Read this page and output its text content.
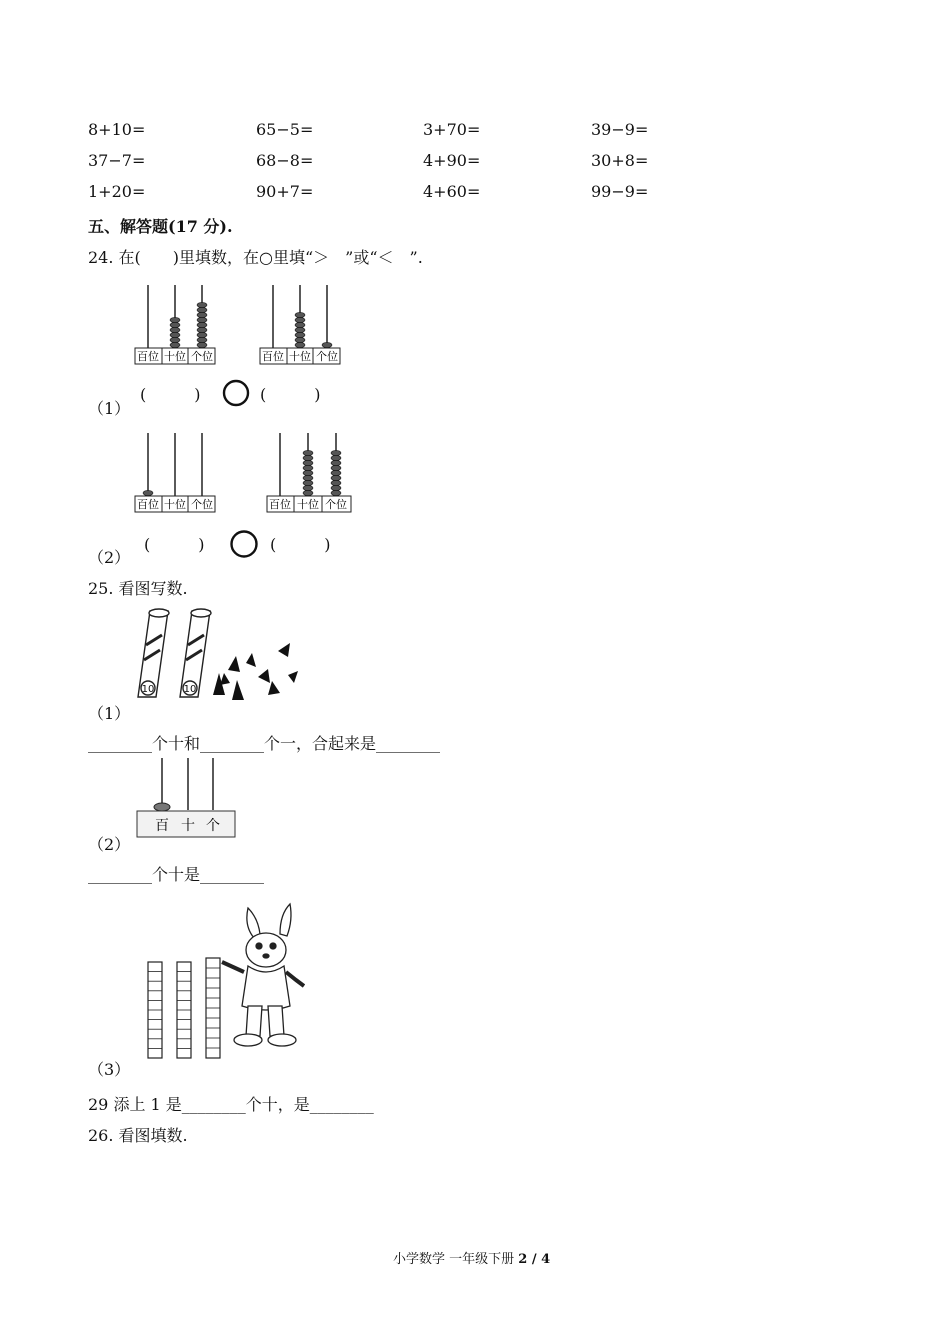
8+10=	65−5=	3+70=	39−9=
37−7=	68−8=	4+90=	30+8=
1+20=	90+7=	4+60=	99−9=
五、解答题(17 分).
24. 在(　　)里填数，在○里填“＞　”或“＜　”.
百位 十位 个位	百位 十位 个位
（1）
(　　　)	(　　　)
百位 十位 个位	百位 十位 个位
（2）
(　　　)	(　　　)
25. 看图写数.
10	10
（1）
________个十和________个一，合起来是________
百 十 个
（2）
________个十是________
（3）
29 添上 1 是________个十，是________
26. 看图填数.
小学数学 一年级下册 2 / 4
